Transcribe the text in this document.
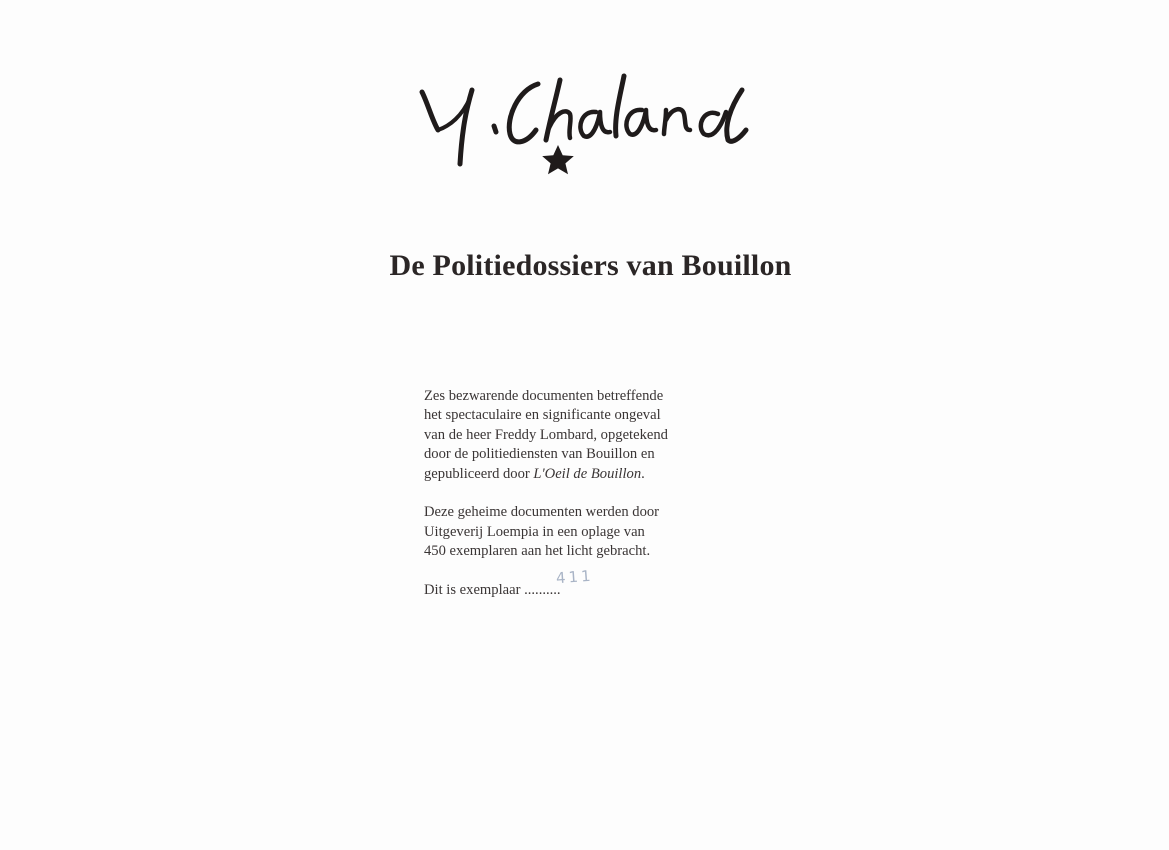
De Politiedossiers van Bouillon

Zes bezwarende documenten betreffende
het spectaculaire en significante ongeval
van de heer Freddy Lombard, opgetekend
door de politiediensten van Bouillon en
gepubliceerd door L'Oeil de Bouillon.

Deze geheime documenten werden door
Uitgeverij Loempia in een oplage van
450 exemplaren aan het licht gebracht.

Dit is exemplaar ..........
411
